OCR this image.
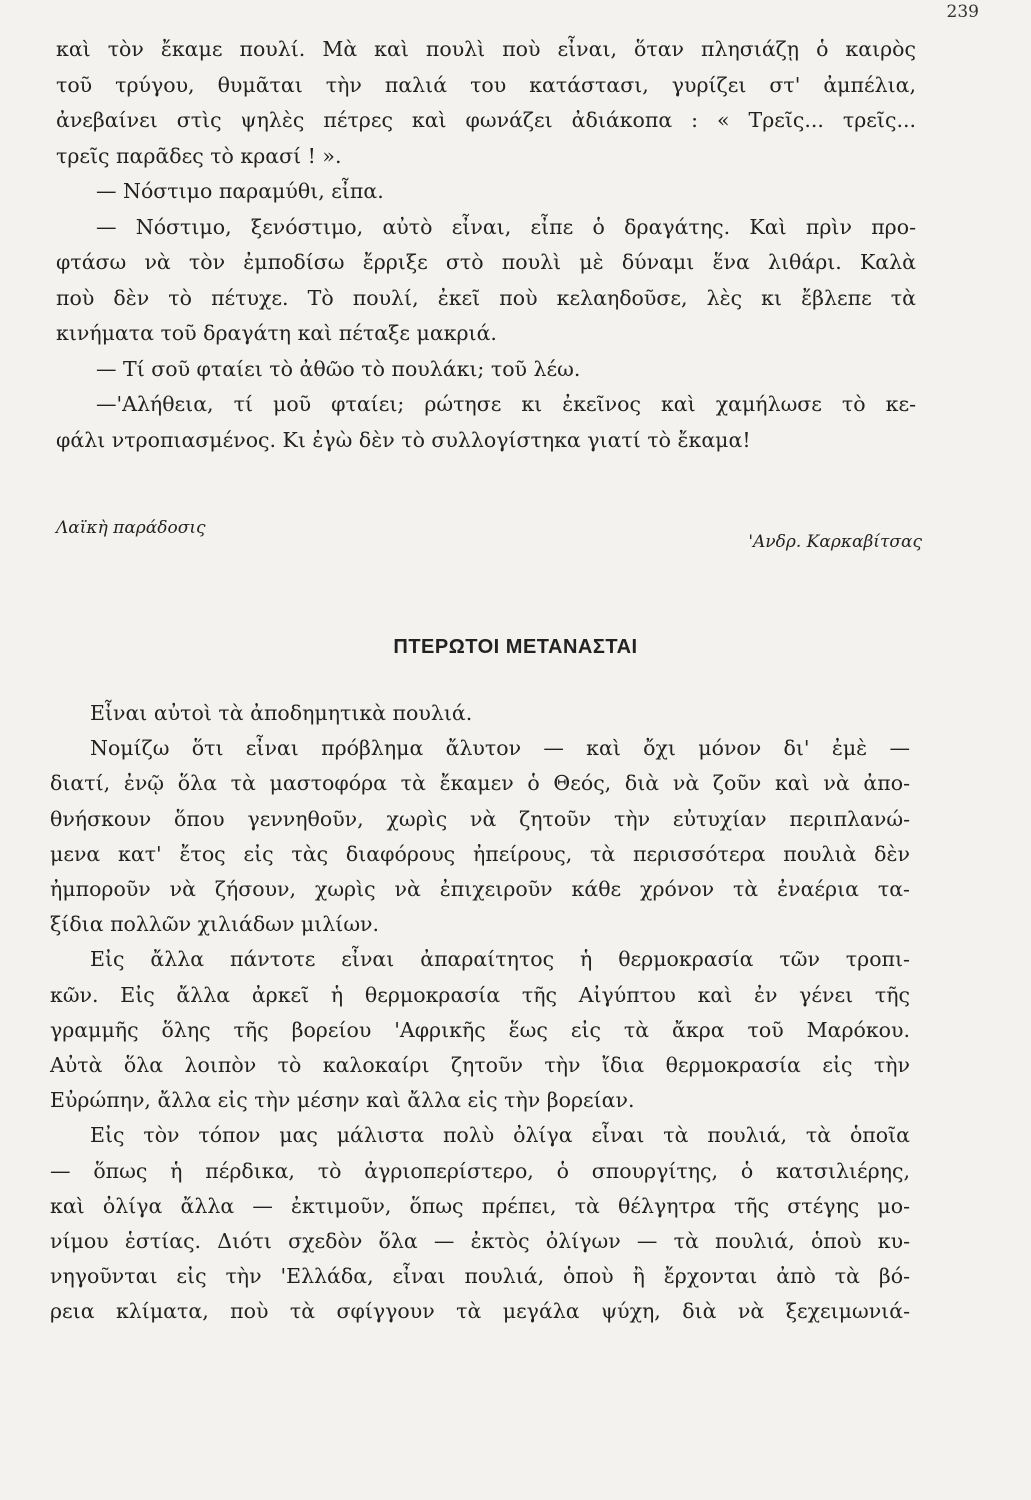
239
καὶ τὸν ἔκαμε πουλί. Μὰ καὶ πουλὶ ποὺ εἶναι, ὅταν πλησιάζῃ ὁ καιρὸς
τοῦ τρύγου, θυμᾶται τὴν παλιά του κατάστασι, γυρίζει στ' ἀμπέλια,
ἀνεβαίνει στὶς ψηλὲς πέτρες καὶ φωνάζει ἀδιάκοπα : « Τρεῖς... τρεῖς...
τρεῖς παρᾶδες τὸ κρασί ! ».
— Νόστιμο παραμύθι, εἶπα.
— Νόστιμο, ξενόστιμο, αὐτὸ εἶναι, εἶπε ὁ δραγάτης. Καὶ πρὶν προ-
φτάσω νὰ τὸν ἐμποδίσω ἔρριξε στὸ πουλὶ μὲ δύναμι ἕνα λιθάρι. Καλὰ
ποὺ δὲν τὸ πέτυχε. Τὸ πουλί, ἐκεῖ ποὺ κελαηδοῦσε, λὲς κι ἔβλεπε τὰ
κινήματα τοῦ δραγάτη καὶ πέταξε μακριά.
— Τί σοῦ φταίει τὸ ἀθῶο τὸ πουλάκι; τοῦ λέω.
—'Αλήθεια, τί μοῦ φταίει; ρώτησε κι ἐκεῖνος καὶ χαμήλωσε τὸ κε-
φάλι ντροπιασμένος. Κι ἐγὼ δὲν τὸ συλλογίστηκα γιατί τὸ ἔκαμα!
Λαϊκὴ παράδοσις
'Ανδρ. Καρκαβίτσας
ΠΤΕΡΩΤΟΙ ΜΕΤΑΝΑΣΤΑΙ
Εἶναι αὐτοὶ τὰ ἀποδημητικὰ πουλιά.
Νομίζω ὅτι εἶναι πρόβλημα ἄλυτον — καὶ ὄχι μόνον δι' ἐμὲ —
διατί, ἐνῷ ὅλα τὰ μαστοφόρα τὰ ἔκαμεν ὁ Θεός, διὰ νὰ ζοῦν καὶ νὰ ἀπο-
θνήσκουν ὅπου γεννηθοῦν, χωρὶς νὰ ζητοῦν τὴν εὐτυχίαν περιπλανώ-
μενα κατ' ἔτος εἰς τὰς διαφόρους ἠπείρους, τὰ περισσότερα πουλιὰ δὲν
ἠμποροῦν νὰ ζήσουν, χωρὶς νὰ ἐπιχειροῦν κάθε χρόνον τὰ ἐναέρια τα-
ξίδια πολλῶν χιλιάδων μιλίων.
Εἰς ἄλλα πάντοτε εἶναι ἀπαραίτητος ἡ θερμοκρασία τῶν τροπι-
κῶν. Εἰς ἄλλα ἀρκεῖ ἡ θερμοκρασία τῆς Αἰγύπτου καὶ ἐν γένει τῆς
γραμμῆς ὅλης τῆς βορείου 'Αφρικῆς ἕως εἰς τὰ ἄκρα τοῦ Μαρόκου.
Αὐτὰ ὅλα λοιπὸν τὸ καλοκαίρι ζητοῦν τὴν ἴδια θερμοκρασία εἰς τὴν
Εὐρώπην, ἄλλα εἰς τὴν μέσην καὶ ἄλλα εἰς τὴν βορείαν.
Εἰς τὸν τόπον μας μάλιστα πολὺ ὀλίγα εἶναι τὰ πουλιά, τὰ ὁποῖα
— ὅπως ἡ πέρδικα, τὸ ἀγριοπερίστερο, ὁ σπουργίτης, ὁ κατσιλιέρης,
καὶ ὀλίγα ἄλλα — ἐκτιμοῦν, ὅπως πρέπει, τὰ θέλγητρα τῆς στέγης μο-
νίμου ἑστίας. Διότι σχεδὸν ὅλα — ἐκτὸς ὀλίγων — τὰ πουλιά, ὁποὺ κυ-
νηγοῦνται εἰς τὴν 'Ελλάδα, εἶναι πουλιά, ὁποὺ ἢ ἔρχονται ἀπὸ τὰ βό-
ρεια κλίματα, ποὺ τὰ σφίγγουν τὰ μεγάλα ψύχη, διὰ νὰ ξεχειμωνιά-
